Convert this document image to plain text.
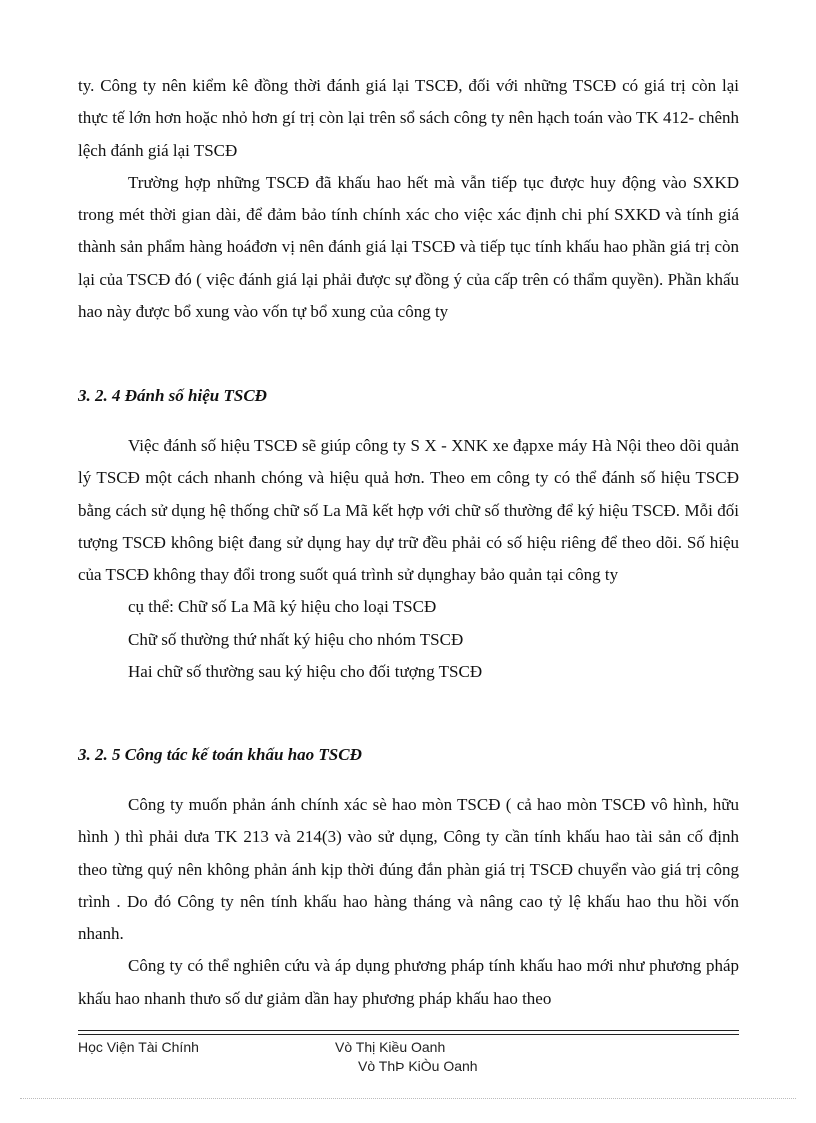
ty. Công ty nên kiểm kê đồng thời đánh giá lại TSCĐ, đối với những TSCĐ có giá trị còn lại thực tế lớn hơn hoặc nhỏ hơn gí trị còn lại trên sổ sách công ty nên hạch toán vào TK 412- chênh lệch đánh giá lại TSCĐ

Trường hợp những TSCĐ đã khấu hao hết mà vẫn tiếp tục được huy động vào SXKD trong mét thời gian dài, để đảm bảo tính chính xác cho việc xác định chi phí SXKD và tính giá thành sản phẩm hàng hoáđơn vị nên đánh giá lại TSCĐ và tiếp tục tính khấu hao phần giá trị còn lại của TSCĐ đó ( việc đánh giá lại phải được sự đồng ý của cấp trên có thẩm quyền). Phần khấu hao này được bổ xung vào vốn tự bổ xung của công ty

3. 2. 4 Đánh số hiệu TSCĐ

Việc đánh số hiệu TSCĐ sẽ giúp công ty S X - XNK xe đạpxe máy Hà Nội theo dõi quản lý TSCĐ một cách nhanh chóng và hiệu quả hơn. Theo em công ty có thể đánh số hiệu TSCĐ bằng cách sử dụng hệ thống chữ số La Mã kết hợp với chữ số thường để ký hiệu TSCĐ. Mỗi đối tượng TSCĐ không biệt đang sử dụng hay dự trữ đều phải có số hiệu riêng để theo dõi. Số hiệu của TSCĐ không thay đổi trong suốt quá trình sử dụnghay bảo quản tại công ty

cụ thể: Chữ số La Mã ký hiệu cho loại TSCĐ

Chữ số thường thứ nhất ký hiệu cho nhóm TSCĐ

Hai chữ số thường sau ký hiệu cho đối tượng TSCĐ

3. 2. 5 Công tác kế toán khấu hao TSCĐ

Công ty muốn phản ánh chính xác sè hao mòn TSCĐ ( cả hao mòn TSCĐ vô hình, hữu hình ) thì phải dưa TK 213 và 214(3) vào sử dụng, Công ty cần tính khấu hao tài sản cố định theo từng quý nên không phản ánh kịp thời đúng đắn phàn giá trị TSCĐ chuyển vào giá trị công trình . Do đó Công ty nên tính khấu hao hàng tháng và nâng cao tỷ lệ khấu hao thu hồi vốn nhanh.

Công ty có thể nghiên cứu và áp dụng phương pháp tính khấu hao mới như phương pháp khấu hao nhanh thưo số dư giảm dần hay phương pháp khấu hao theo

Học Viện Tài Chính	Vò Thị Kiều Oanh
Vò ThÞ KiÒu Oanh
